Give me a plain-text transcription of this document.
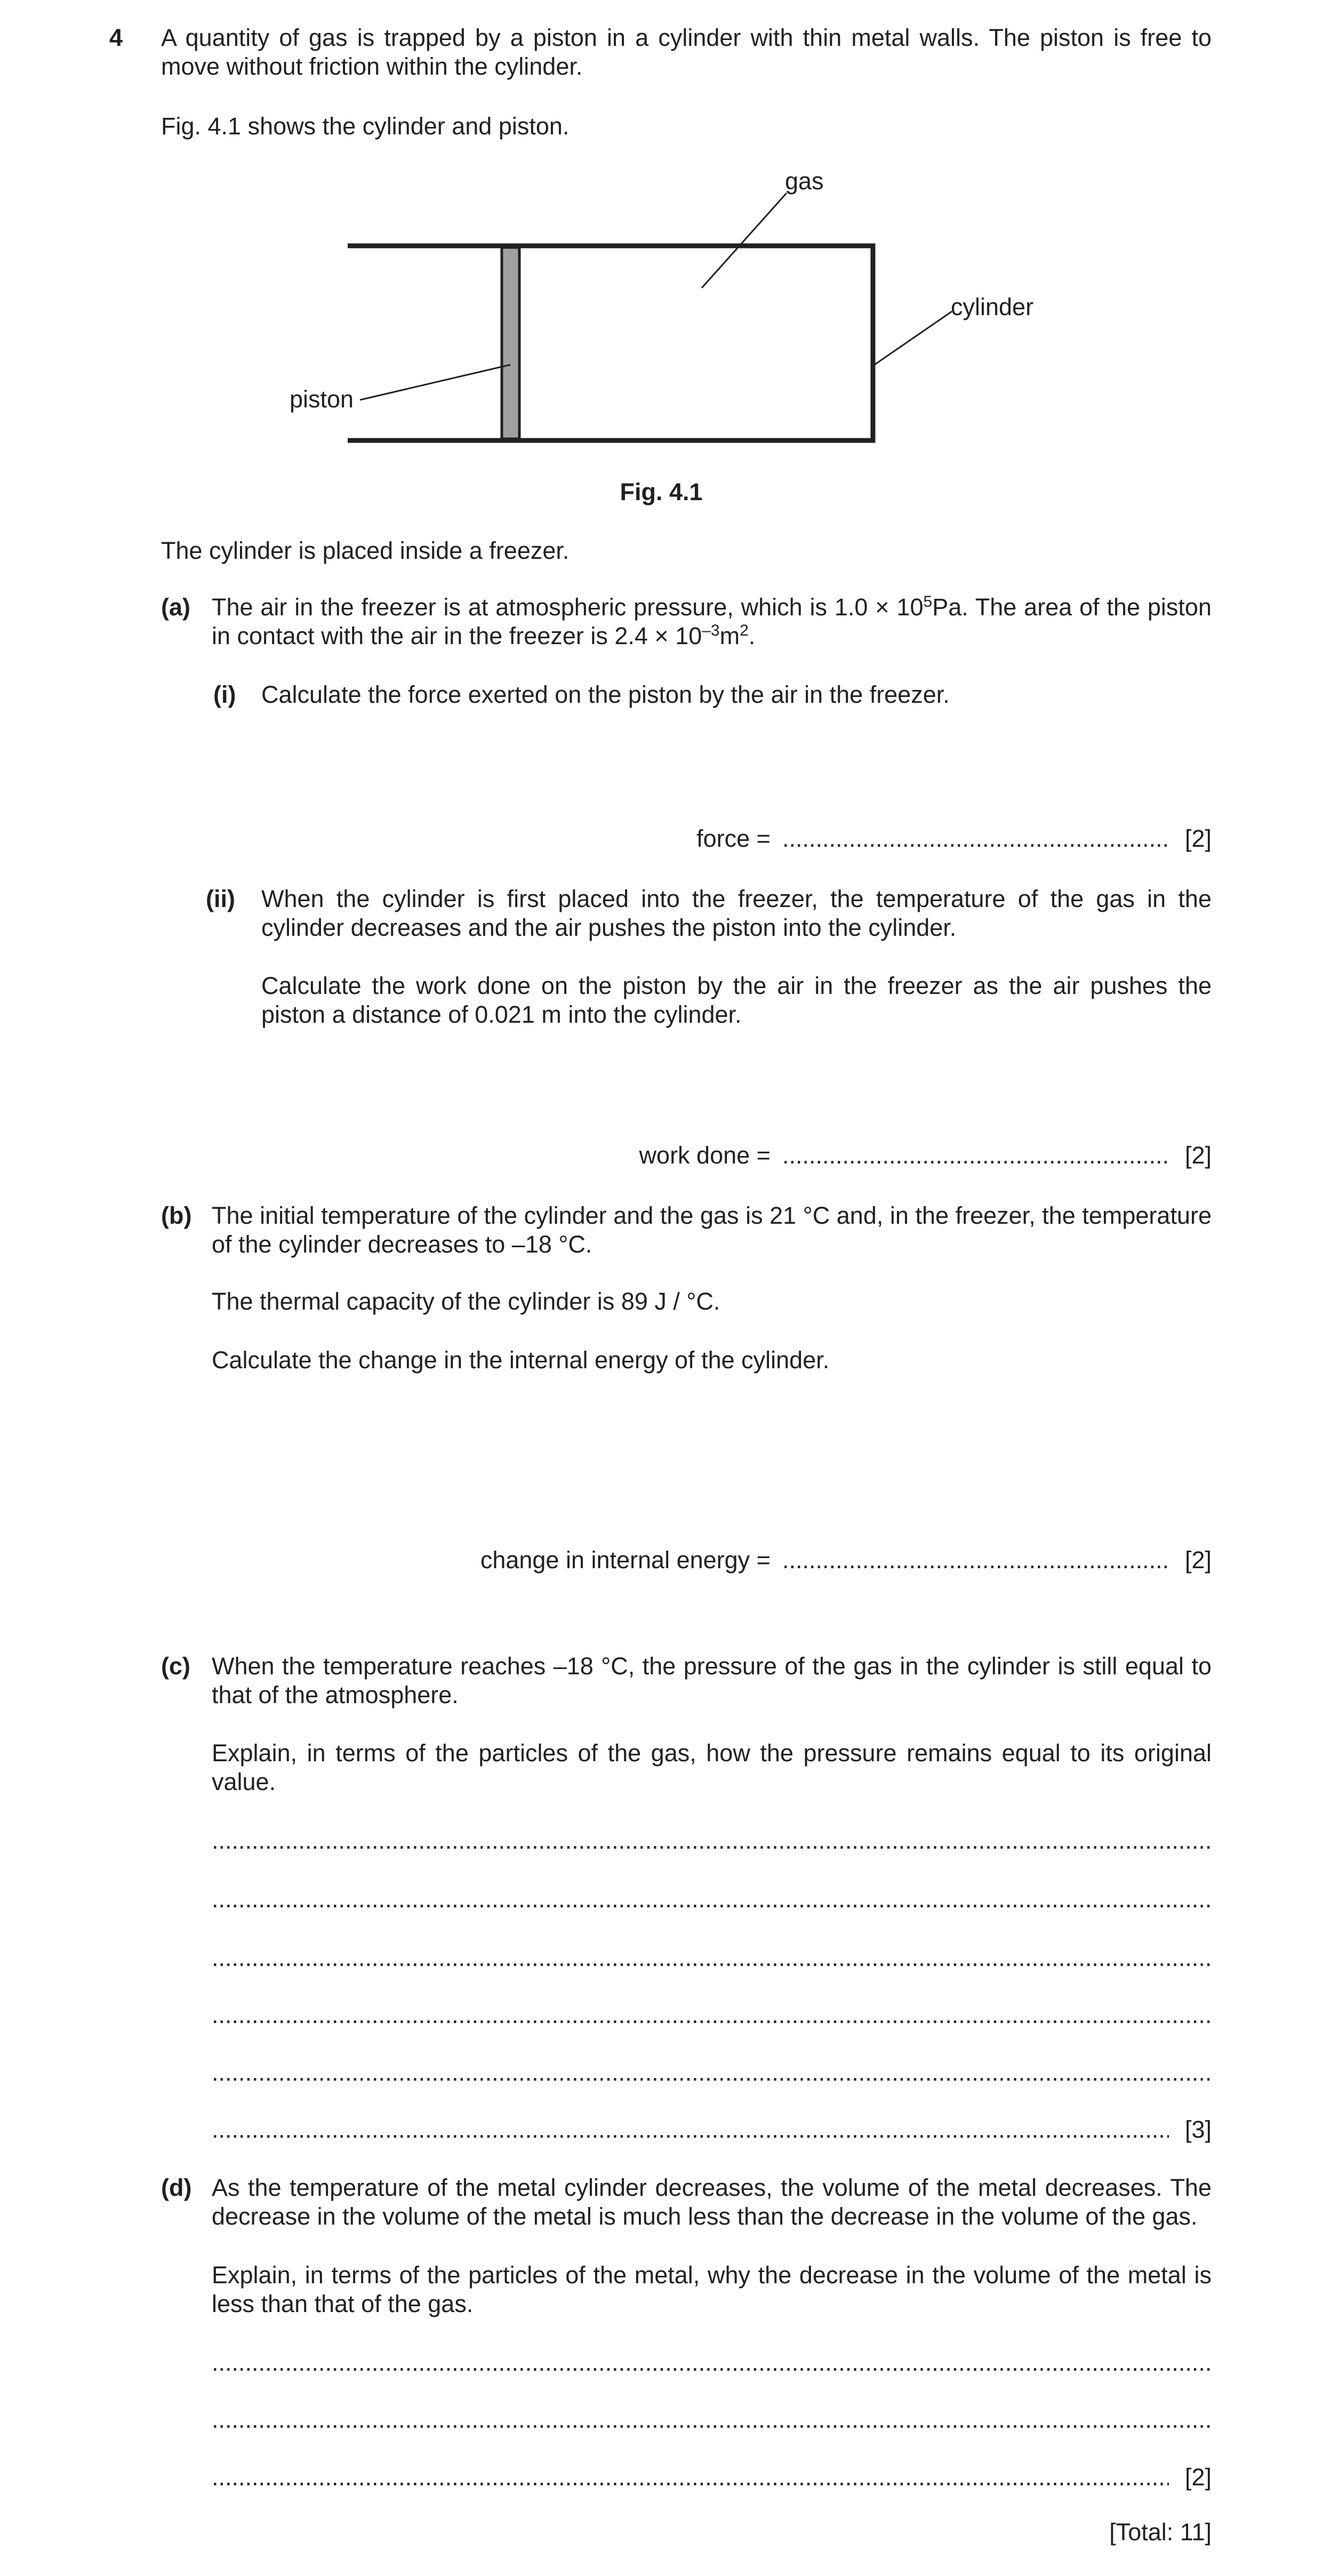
4 A quantity of gas is trapped by a piston in a cylinder with thin metal walls. The piston is free to move without friction within the cylinder.
Fig. 4.1 shows the cylinder and piston.
gas
cylinder
piston
Fig. 4.1
The cylinder is placed inside a freezer.
(a) The air in the freezer is at atmospheric pressure, which is $1.0 \times 10^5Pa$. The area of the piston in contact with the air in the freezer is $2.4 \times 10^{-3}m^2$.
(i) Calculate the force exerted on the piston by the air in the freezer.
force = .....	[2]
(ii) When the cylinder is first placed into the freezer, the temperature of the gas in the cylinder decreases and the air pushes the piston into the cylinder.
Calculate the work done on the piston by the air in the freezer as the air pushes the piston a distance of 0.021 m into the cylinder.
work done = .....	[2]
(b) The initial temperature of the cylinder and the gas is 21 °C and, in the freezer, the temperature of the cylinder decreases to –18 °C.
The thermal capacity of the cylinder is 89 J / °C.
Calculate the change in the internal energy of the cylinder.
change in internal energy = .....	[2]
(c) When the temperature reaches –18 °C, the pressure of the gas in the cylinder is still equal to that of the atmosphere.
Explain, in terms of the particles of the gas, how the pressure remains equal to its original value.
.....
.....
.....
.....
.....
.....
[3]
(d) As the temperature of the metal cylinder decreases, the volume of the metal decreases. The decrease in the volume of the metal is much less than the decrease in the volume of the gas.
Explain, in terms of the particles of the metal, why the decrease in the volume of the metal is less than that of the gas.
.....
.....
.....
[2]
[Total: 11]
